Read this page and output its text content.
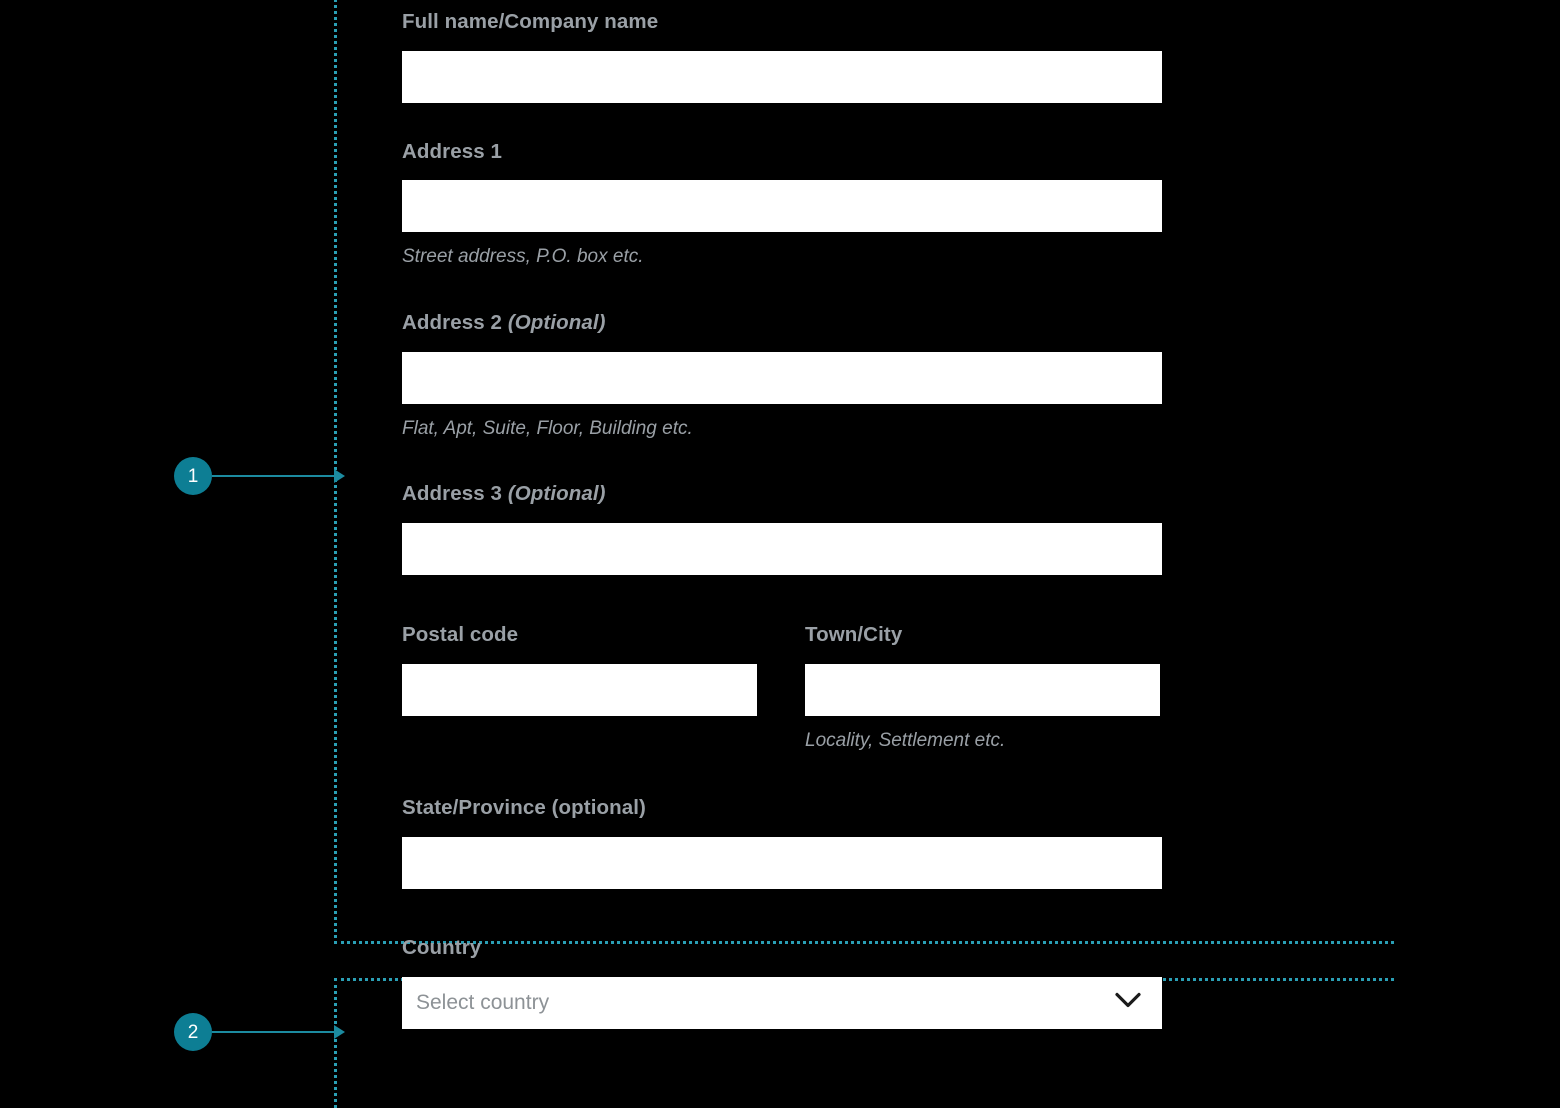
1
2
Full name/Company name
Address 1
Street address, P.O. box etc.
Address 2 (Optional)
Flat, Apt, Suite, Floor, Building etc.
Address 3 (Optional)
Postal code	Town/City
Locality, Settlement etc.
State/Province (optional)
Country
Select country
